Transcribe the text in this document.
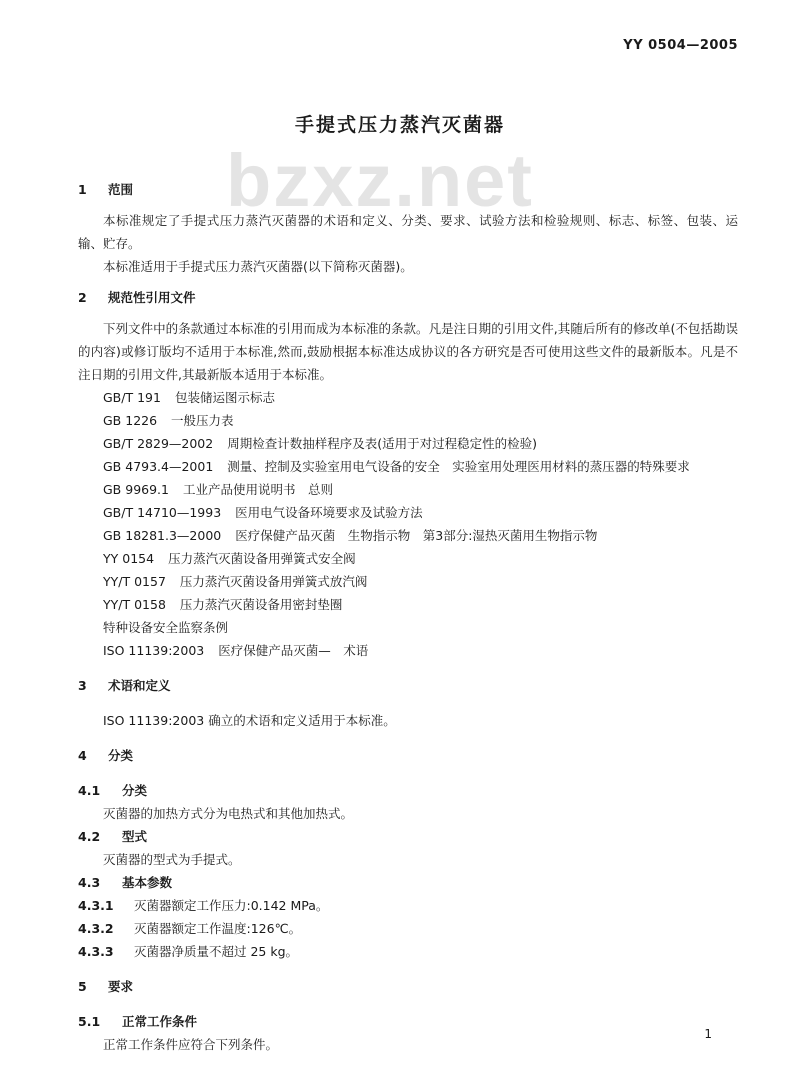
YY 0504—2005
bzxz.net
手提式压力蒸汽灭菌器
1 范围
本标准规定了手提式压力蒸汽灭菌器的术语和定义、分类、要求、试验方法和检验规则、标志、标签、包装、运输、贮存。
本标准适用于手提式压力蒸汽灭菌器(以下简称灭菌器)。
2 规范性引用文件
下列文件中的条款通过本标准的引用而成为本标准的条款。凡是注日期的引用文件,其随后所有的修改单(不包括勘误的内容)或修订版均不适用于本标准,然而,鼓励根据本标准达成协议的各方研究是否可使用这些文件的最新版本。凡是不注日期的引用文件,其最新版本适用于本标准。
GB/T 191 包装储运图示标志
GB 1226 一般压力表
GB/T 2829—2002 周期检查计数抽样程序及表(适用于对过程稳定性的检验)
GB 4793.4—2001 测量、控制及实验室用电气设备的安全　实验室用处理医用材料的蒸压器的特殊要求
GB 9969.1 工业产品使用说明书　总则
GB/T 14710—1993 医用电气设备环境要求及试验方法
GB 18281.3—2000 医疗保健产品灭菌　生物指示物　第3部分:湿热灭菌用生物指示物
YY 0154 压力蒸汽灭菌设备用弹簧式安全阀
YY/T 0157 压力蒸汽灭菌设备用弹簧式放汽阀
YY/T 0158 压力蒸汽灭菌设备用密封垫圈
特种设备安全监察条例
ISO 11139:2003 医疗保健产品灭菌—　术语
3 术语和定义
ISO 11139:2003 确立的术语和定义适用于本标准。
4 分类
4.1 分类
灭菌器的加热方式分为电热式和其他加热式。
4.2 型式
灭菌器的型式为手提式。
4.3 基本参数
4.3.1 灭菌器额定工作压力:0.142 MPa。
4.3.2 灭菌器额定工作温度:126℃。
4.3.3 灭菌器净质量不超过 25 kg。
5 要求
5.1 正常工作条件
正常工作条件应符合下列条件。
1
